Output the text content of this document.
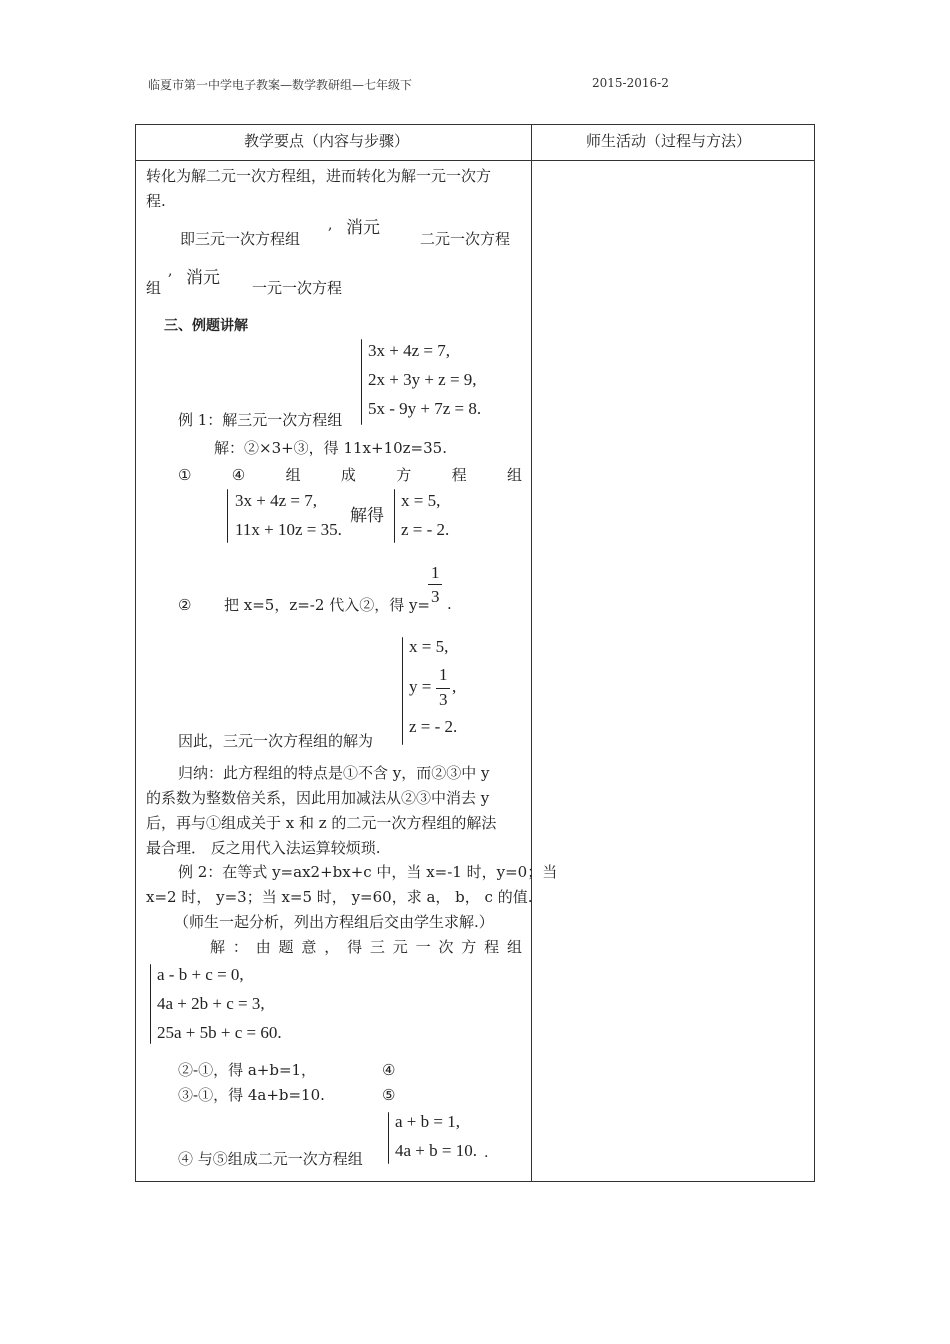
临夏市第一中学电子教案—数学教研组—七年级下	2015-2016-2
教学要点（内容与步骤）	师生活动（过程与方法）
转化为解二元一次方程组，进而转化为解一元一次方
程.
即三元一次方程组
消元
,
二元一次方程
组
, 消元 一元一次方程
三、例题讲解
3x + 4z = 7,
2x + 3y + z = 9,
5x - 9y + 7z = 8.
例 1：解三元一次方程组
解：②×3+③，得 11x+10z=35.
①	④	组	成	方	程	组
3x + 4z = 7,
11x + 10z = 35.
解得
x = 5,
z = - 2.
② 把 x=5，z=-2 代入②，得 y=
1
3 .
x = 5,
y =
1
3
,
z = - 2.
因此，三元一次方程组的解为
归纳：此方程组的特点是①不含 y，而②③中 y
的系数为整数倍关系，因此用加减法从②③中消去 y
后，再与①组成关于 x 和 z 的二元一次方程组的解法
最合理． 反之用代入法运算较烦琐.
例 2：在等式 y=ax2+bx+c 中，当 x=-1 时，y=0；当
x=2 时， y=3；当 x=5 时， y=60，求 a， b， c 的值.
（师生一起分析，列出方程组后交由学生求解.）
解 ： 由 题 意 ， 得 三 元 一 次 方 程 组
a - b + c = 0,
4a + 2b + c = 3,
25a + 5b + c = 60.
②-①，得 a+b=1，	④
③-①，得 4a+b=10.	⑤
a + b = 1,
4a + b = 10. .
④ 与⑤组成二元一次方程组
